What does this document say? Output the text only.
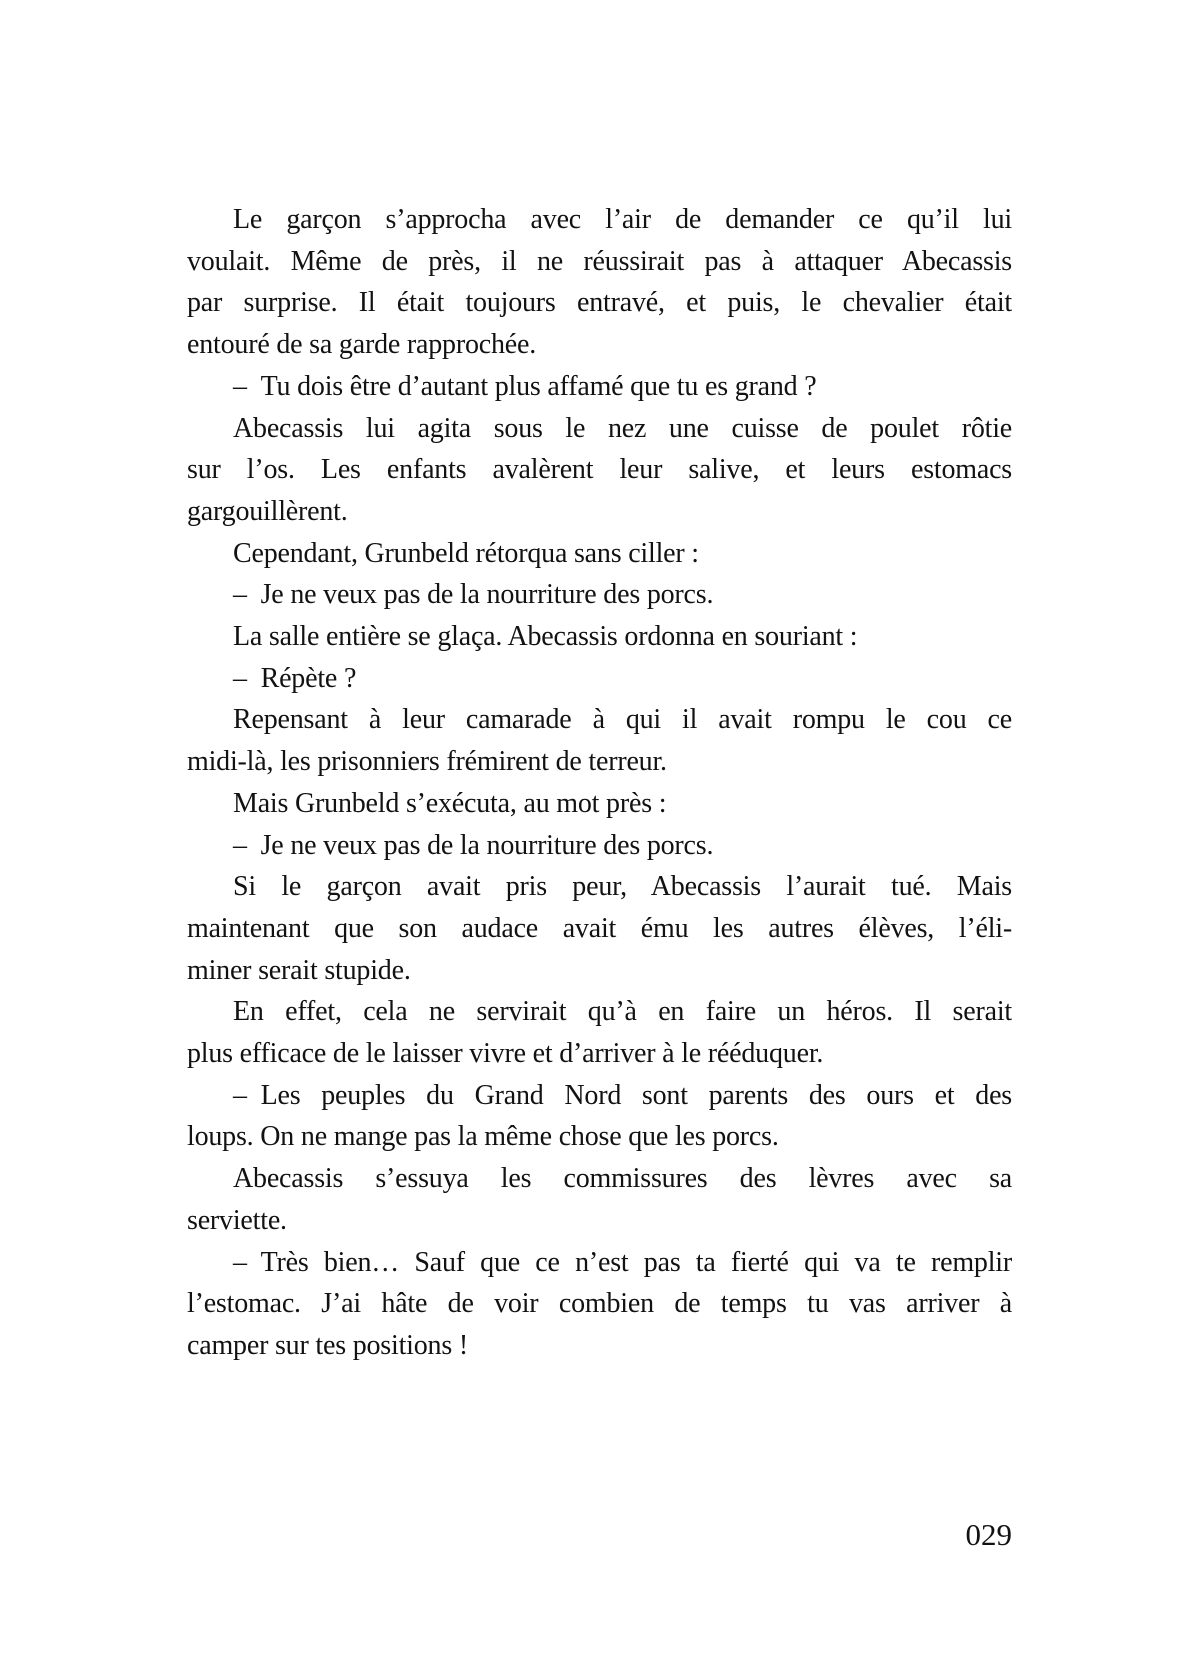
Le garçon s’approcha avec l’air de demander ce qu’il lui
voulait. Même de près, il ne réussirait pas à attaquer Abecassis
par surprise. Il était toujours entravé, et puis, le chevalier était
entouré de sa garde rapprochée.
– Tu dois être d’autant plus affamé que tu es grand ?
Abecassis lui agita sous le nez une cuisse de poulet rôtie
sur l’os. Les enfants avalèrent leur salive, et leurs estomacs
gargouillèrent.
Cependant, Grunbeld rétorqua sans ciller :
– Je ne veux pas de la nourriture des porcs.
La salle entière se glaça. Abecassis ordonna en souriant :
– Répète ?
Repensant à leur camarade à qui il avait rompu le cou ce
midi-là, les prisonniers frémirent de terreur.
Mais Grunbeld s’exécuta, au mot près :
– Je ne veux pas de la nourriture des porcs.
Si le garçon avait pris peur, Abecassis l’aurait tué. Mais
maintenant que son audace avait ému les autres élèves, l’éli-
miner serait stupide.
En effet, cela ne servirait qu’à en faire un héros. Il serait
plus efficace de le laisser vivre et d’arriver à le rééduquer.
– Les peuples du Grand Nord sont parents des ours et des
loups. On ne mange pas la même chose que les porcs.
Abecassis s’essuya les commissures des lèvres avec sa
serviette.
– Très bien… Sauf que ce n’est pas ta fierté qui va te remplir
l’estomac. J’ai hâte de voir combien de temps tu vas arriver à
camper sur tes positions !
029
